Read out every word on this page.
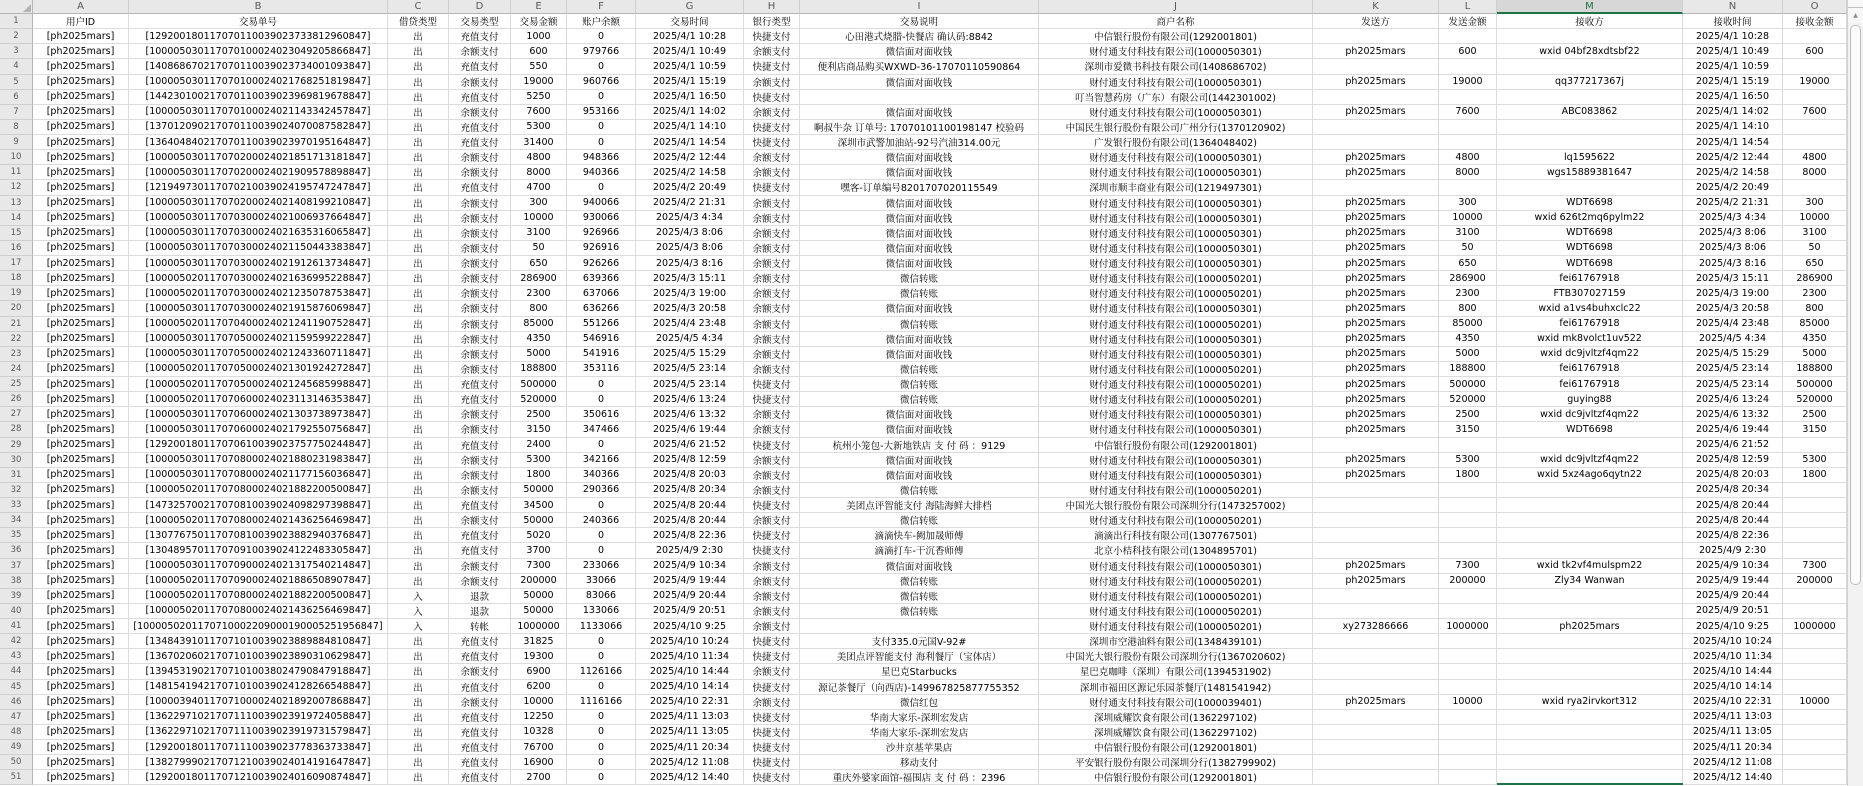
	A	B	C	D	E	F	G	H	I	J	K	L	M	N	O
1	用户ID	交易单号	借贷类型	交易类型	交易金额	账户余额	交易时间	银行类型	交易说明	商户名称	发送方	发送金额	接收方	接收时间	接收金额
2	[ph2025mars]	[129200180117070110039023733812960847]	出	充值支付	1000	0	2025/4/1 10:28	快捷支付	心田港式烧腊-快餐店 确认码:8842	中信银行股份有限公司(1292001801)				2025/4/1 10:28	
3	[ph2025mars]	[100005030117070100024023049205866847]	出	余额支付	600	979766	2025/4/1 10:49	余额支付	微信面对面收钱	财付通支付科技有限公司(1000050301)	ph2025mars	600	wxid 04bf28xdtsbf22	2025/4/1 10:49	600
4	[ph2025mars]	[140868670217070110039023734001093847]	出	充值支付	550	0	2025/4/1 10:59	快捷支付	便利店商品购买WXWD-36-17070110590864	深圳市爱微书科技有限公司(1408686702)				2025/4/1 10:59	
5	[ph2025mars]	[100005030117070100024021768251819847]	出	余额支付	19000	960766	2025/4/1 15:19	余额支付	微信面对面收钱	财付通支付科技有限公司(1000050301)	ph2025mars	19000	qq377217367j	2025/4/1 15:19	19000
6	[ph2025mars]	[144230100217070110039023969819678847]	出	充值支付	5250	0	2025/4/1 16:50	快捷支付		叮当智慧药房（广东）有限公司(1442301002)				2025/4/1 16:50	
7	[ph2025mars]	[100005030117070100024021143342457847]	出	余额支付	7600	953166	2025/4/1 14:02	余额支付	微信面对面收钱	财付通支付科技有限公司(1000050301)	ph2025mars	7600	ABC083862	2025/4/1 14:02	7600
8	[ph2025mars]	[137012090217070110039024070087582847]	出	充值支付	5300	0	2025/4/1 14:10	快捷支付	啊叔牛杂 订单号: 17070101100198147 校验码	中国民生银行股份有限公司广州分行(1370120902)				2025/4/1 14:10	
9	[ph2025mars]	[136404840217070110039023970195164847]	出	充值支付	31400	0	2025/4/1 14:54	快捷支付	深圳市武警加油站-92号汽油314.00元	广发银行股份有限公司(1364048402)				2025/4/1 14:54	
10	[ph2025mars]	[100005030117070200024021851713181847]	出	余额支付	4800	948366	2025/4/2 12:44	余额支付	微信面对面收钱	财付通支付科技有限公司(1000050301)	ph2025mars	4800	lq1595622	2025/4/2 12:44	4800
11	[ph2025mars]	[100005030117070200024021909578898847]	出	余额支付	8000	940366	2025/4/2 14:58	余额支付	微信面对面收钱	财付通支付科技有限公司(1000050301)	ph2025mars	8000	wgs15889381647	2025/4/2 14:58	8000
12	[ph2025mars]	[121949730117070210039024195747247847]	出	充值支付	4700	0	2025/4/2 20:49	快捷支付	嘿客-订单编号8201707020115549	深圳市顺丰商业有限公司(1219497301)				2025/4/2 20:49	
13	[ph2025mars]	[100005030117070200024021408199210847]	出	余额支付	300	940066	2025/4/2 21:31	余额支付	微信面对面收钱	财付通支付科技有限公司(1000050301)	ph2025mars	300	WDT6698	2025/4/2 21:31	300
14	[ph2025mars]	[100005030117070300024021006937664847]	出	余额支付	10000	930066	2025/4/3 4:34	余额支付	微信面对面收钱	财付通支付科技有限公司(1000050301)	ph2025mars	10000	wxid 626t2mq6pylm22	2025/4/3 4:34	10000
15	[ph2025mars]	[100005030117070300024021635316065847]	出	余额支付	3100	926966	2025/4/3 8:06	余额支付	微信面对面收钱	财付通支付科技有限公司(1000050301)	ph2025mars	3100	WDT6698	2025/4/3 8:06	3100
16	[ph2025mars]	[100005030117070300024021150443383847]	出	余额支付	50	926916	2025/4/3 8:06	余额支付	微信面对面收钱	财付通支付科技有限公司(1000050301)	ph2025mars	50	WDT6698	2025/4/3 8:06	50
17	[ph2025mars]	[100005030117070300024021912613734847]	出	余额支付	650	926266	2025/4/3 8:16	余额支付	微信面对面收钱	财付通支付科技有限公司(1000050301)	ph2025mars	650	WDT6698	2025/4/3 8:16	650
18	[ph2025mars]	[100005020117070300024021636995228847]	出	余额支付	286900	639366	2025/4/3 15:11	余额支付	微信转账	财付通支付科技有限公司(1000050201)	ph2025mars	286900	fei61767918	2025/4/3 15:11	286900
19	[ph2025mars]	[100005020117070300024021235078753847]	出	余额支付	2300	637066	2025/4/3 19:00	余额支付	微信转账	财付通支付科技有限公司(1000050201)	ph2025mars	2300	FTB307027159	2025/4/3 19:00	2300
20	[ph2025mars]	[100005030117070300024021915876069847]	出	余额支付	800	636266	2025/4/3 20:58	余额支付	微信面对面收钱	财付通支付科技有限公司(1000050301)	ph2025mars	800	wxid a1vs4buhxclc22	2025/4/3 20:58	800
21	[ph2025mars]	[100005020117070400024021241190752847]	出	余额支付	85000	551266	2025/4/4 23:48	余额支付	微信转账	财付通支付科技有限公司(1000050201)	ph2025mars	85000	fei61767918	2025/4/4 23:48	85000
22	[ph2025mars]	[100005030117070500024021159599222847]	出	余额支付	4350	546916	2025/4/5 4:34	余额支付	微信面对面收钱	财付通支付科技有限公司(1000050301)	ph2025mars	4350	wxid mk8volct1uv522	2025/4/5 4:34	4350
23	[ph2025mars]	[100005030117070500024021243360711847]	出	余额支付	5000	541916	2025/4/5 15:29	余额支付	微信面对面收钱	财付通支付科技有限公司(1000050301)	ph2025mars	5000	wxid dc9jvltzf4qm22	2025/4/5 15:29	5000
24	[ph2025mars]	[100005020117070500024021301924272847]	出	余额支付	188800	353116	2025/4/5 23:14	余额支付	微信转账	财付通支付科技有限公司(1000050201)	ph2025mars	188800	fei61767918	2025/4/5 23:14	188800
25	[ph2025mars]	[100005020117070500024021245685998847]	出	充值支付	500000	0	2025/4/5 23:14	快捷支付	微信转账	财付通支付科技有限公司(1000050201)	ph2025mars	500000	fei61767918	2025/4/5 23:14	500000
26	[ph2025mars]	[100005020117070600024023113146353847]	出	充值支付	520000	0	2025/4/6 13:24	快捷支付	微信转账	财付通支付科技有限公司(1000050201)	ph2025mars	520000	guying88	2025/4/6 13:24	520000
27	[ph2025mars]	[100005030117070600024021303738973847]	出	余额支付	2500	350616	2025/4/6 13:32	余额支付	微信面对面收钱	财付通支付科技有限公司(1000050301)	ph2025mars	2500	wxid dc9jvltzf4qm22	2025/4/6 13:32	2500
28	[ph2025mars]	[100005030117070600024021792550756847]	出	余额支付	3150	347466	2025/4/6 19:44	余额支付	微信面对面收钱	财付通支付科技有限公司(1000050301)	ph2025mars	3150	WDT6698	2025/4/6 19:44	3150
29	[ph2025mars]	[129200180117070610039023757750244847]	出	充值支付	2400	0	2025/4/6 21:52	快捷支付	杭州小笼包-大新地铁店 支 付 码 ：9129	中信银行股份有限公司(1292001801)				2025/4/6 21:52	
30	[ph2025mars]	[100005030117070800024021880231983847]	出	余额支付	5300	342166	2025/4/8 12:59	余额支付	微信面对面收钱	财付通支付科技有限公司(1000050301)	ph2025mars	5300	wxid dc9jvltzf4qm22	2025/4/8 12:59	5300
31	[ph2025mars]	[100005030117070800024021177156036847]	出	余额支付	1800	340366	2025/4/8 20:03	余额支付	微信面对面收钱	财付通支付科技有限公司(1000050301)	ph2025mars	1800	wxid 5xz4ago6qytn22	2025/4/8 20:03	1800
32	[ph2025mars]	[100005020117070800024021882200500847]	出	余额支付	50000	290366	2025/4/8 20:34	余额支付	微信转账	财付通支付科技有限公司(1000050201)				2025/4/8 20:34	
33	[ph2025mars]	[147325700217070810039024098297398847]	出	充值支付	34500	0	2025/4/8 20:44	快捷支付	美团点评智能支付 海陆海鲜大排档	中国光大银行股份有限公司深圳分行(1473257002)				2025/4/8 20:44	
34	[ph2025mars]	[100005020117070800024021436256469847]	出	余额支付	50000	240366	2025/4/8 20:44	余额支付	微信转账	财付通支付科技有限公司(1000050201)				2025/4/8 20:44	
35	[ph2025mars]	[130776750117070810039023882940376847]	出	充值支付	5020	0	2025/4/8 22:36	快捷支付	滴滴快车-阙加晟师傅	滴滴出行科技有限公司(1307767501)				2025/4/8 22:36	
36	[ph2025mars]	[130489570117070910039024122483305847]	出	充值支付	3700	0	2025/4/9 2:30	快捷支付	滴滴打车-干沉香师傅	北京小桔科技有限公司(1304895701)				2025/4/9 2:30	
37	[ph2025mars]	[100005030117070900024021317540214847]	出	余额支付	7300	233066	2025/4/9 10:34	余额支付	微信面对面收钱	财付通支付科技有限公司(1000050301)	ph2025mars	7300	wxid tk2vf4mulspm22	2025/4/9 10:34	7300
38	[ph2025mars]	[100005020117070900024021886508907847]	出	余额支付	200000	33066	2025/4/9 19:44	余额支付	微信转账	财付通支付科技有限公司(1000050201)	ph2025mars	200000	Zly34 Wanwan	2025/4/9 19:44	200000
39	[ph2025mars]	[100005020117070800024021882200500847]	入	退款	50000	83066	2025/4/9 20:44	余额支付	微信转账	财付通支付科技有限公司(1000050201)				2025/4/9 20:44	
40	[ph2025mars]	[100005020117070800024021436256469847]	入	退款	50000	133066	2025/4/9 20:51	余额支付	微信转账	财付通支付科技有限公司(1000050201)				2025/4/9 20:51	
41	[ph2025mars]	[1000050201170710002209000190005251956847]	入	转帐	1000000	1133066	2025/4/10 9:25	余额支付		财付通支付科技有限公司(1000050201)	xy273286666	1000000	ph2025mars	2025/4/10 9:25	1000000
42	[ph2025mars]	[134843910117071010039023889884810847]	出	充值支付	31825	0	2025/4/10 10:24	快捷支付	支付335.0元国V-92#	深圳市空港油料有限公司(1348439101)				2025/4/10 10:24	
43	[ph2025mars]	[136702060217071010039023890310629847]	出	充值支付	19300	0	2025/4/10 11:34	快捷支付	美团点评智能支付 海利餐厅（宝体店）	中国光大银行股份有限公司深圳分行(1367020602)				2025/4/10 11:34	
44	[ph2025mars]	[139453190217071010038024790847918847]	出	余额支付	6900	1126166	2025/4/10 14:44	余额支付	星巴克Starbucks	星巴克咖啡（深圳）有限公司(1394531902)				2025/4/10 14:44	
45	[ph2025mars]	[148154194217071010039024128266548847]	出	充值支付	6200	0	2025/4/10 14:14	快捷支付	源记茶餐厅（向西店)-149967825877755352	深圳市福田区源记乐园茶餐厅(1481541942)				2025/4/10 14:14	
46	[ph2025mars]	[100003940117071000024021892007868847]	出	余额支付	10000	1116166	2025/4/10 22:31	余额支付	微信红包	财付通支付科技有限公司(1000039401)	ph2025mars	10000	wxid rya2irvkort312	2025/4/10 22:31	10000
47	[ph2025mars]	[136229710217071110039023919724058847]	出	充值支付	12250	0	2025/4/11 13:03	快捷支付	华南大家乐-深圳宏发店	深圳威耀饮食有限公司(1362297102)				2025/4/11 13:03	
48	[ph2025mars]	[136229710217071110039023919731579847]	出	充值支付	10328	0	2025/4/11 13:05	快捷支付	华南大家乐-深圳宏发店	深圳威耀饮食有限公司(1362297102)				2025/4/11 13:05	
49	[ph2025mars]	[129200180117071110039023778363733847]	出	充值支付	76700	0	2025/4/11 20:34	快捷支付	沙井京基苹果店	中信银行股份有限公司(1292001801)				2025/4/11 20:34	
50	[ph2025mars]	[138279990217071210039024014191647847]	出	充值支付	16900	0	2025/4/12 11:08	快捷支付	移动支付	平安银行股份有限公司深圳分行(1382799902)				2025/4/12 11:08	
51	[ph2025mars]	[129200180117071210039024016090874847]	出	充值支付	2700	0	2025/4/12 14:40	快捷支付	重庆外婆家面馆-福围店 支 付 码 ：2396	中信银行股份有限公司(1292001801)				2025/4/12 14:40	
▲
